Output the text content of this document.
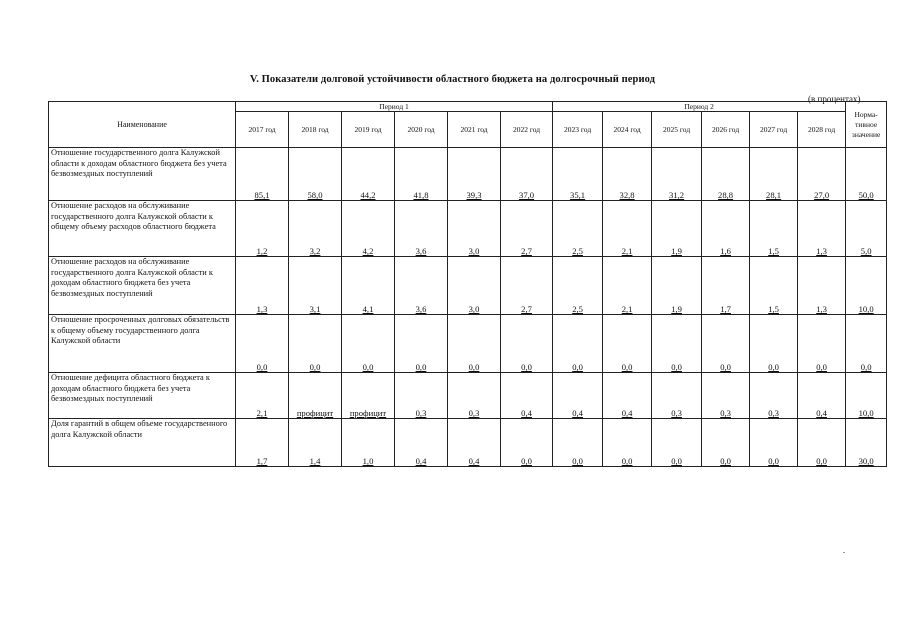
V. Показатели долговой устойчивости областного бюджета на долгосрочный период
(в процентах)
Наименование	Период 1						Период 2						Норма-
тивное
значение
	2017 год	2018 год	2019 год	2020 год	2021 год	2022 год	2023 год	2024 год	2025 год	2026 год	2027 год	2028 год	
Отношение государственного долга Калужской области к доходам областного бюджета без учета безвозмездных поступлений	85,1	58,0	44,2	41,8	39,3	37,0	35,1	32,8	31,2	28,8	28,1	27,0	50,0
Отношение расходов на обслуживание государственного долга Калужской области к общему объему расходов областного бюджета	1,2	3,2	4,2	3,6	3,0	2,7	2,5	2,1	1,9	1,6	1,5	1,3	5,0
Отношение расходов на обслуживание государственного долга Калужской области к доходам областного бюджета без учета безвозмездных поступлений	1,3	3,1	4,1	3,6	3,0	2,7	2,5	2,1	1,9	1,7	1,5	1,3	10,0
Отношение просроченных долговых обязательств к общему объему государственного долга Калужской области	0,0	0,0	0,0	0,0	0,0	0,0	0,0	0,0	0,0	0,0	0,0	0,0	0,0
Отношение дефицита областного бюджета к доходам областного бюджета без учета безвозмездных поступлений	2,1	профицит	профицит	0,3	0,3	0,4	0,4	0,4	0,3	0,3	0,3	0,4	10,0
Доля гарантий в общем объеме государственного долга Калужской области	1,7	1,4	1,0	0,4	0,4	0,0	0,0	0,0	0,0	0,0	0,0	0,0	30,0
